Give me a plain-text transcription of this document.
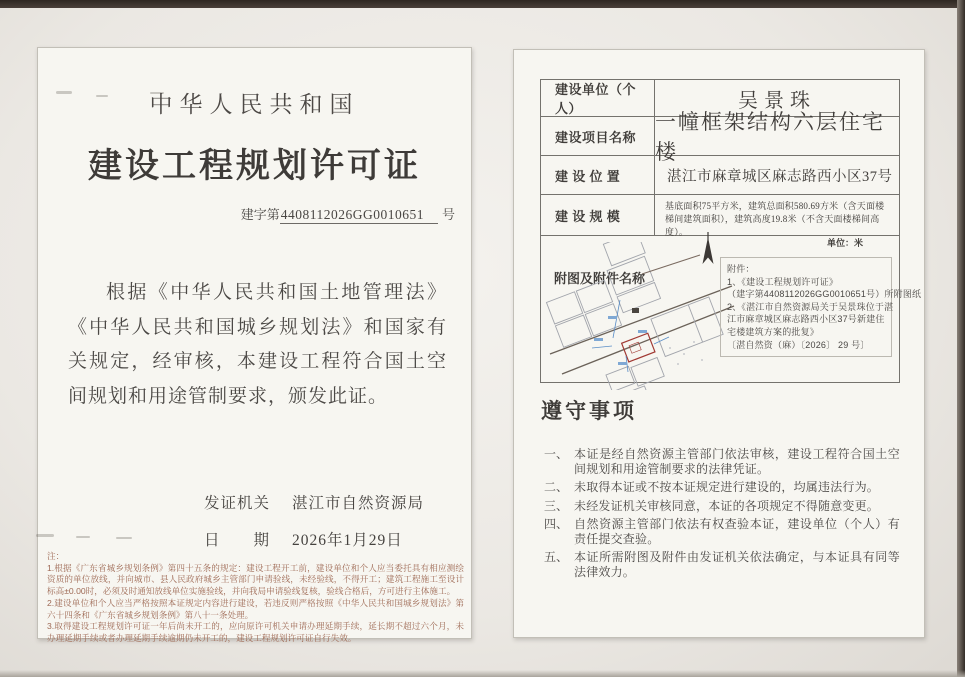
中华人民共和国
建设工程规划许可证
建字第4408112026GG0010651 号
根据《中华人民共和国土地管理法》《中华人民共和国城乡规划法》和国家有关规定，经审核，本建设工程符合国土空间规划和用途管制要求，颁发此证。
发证机关 湛江市自然资源局
日　　期 2026年1月29日
注：
1.根据《广东省城乡规划条例》第四十五条的规定：建设工程开工前，建设单位和个人应当委托具有相应测绘资质的单位放线，并向城市、县人民政府城乡主管部门申请验线，未经验线，不得开工；建筑工程施工至设计标高±0.00时，必须及时通知放线单位实施验线，并向我局申请验线复核，验线合格后，方可进行主体施工。
2.建设单位和个人应当严格按照本证规定内容进行建设，若违反则严格按照《中华人民共和国城乡规划法》第六十四条和《广东省城乡规划条例》第八十一条处理。
3.取得建设工程规划许可证一年后尚未开工的，应向原许可机关申请办理延期手续，延长期不超过六个月，未办理延期手续或者办理延期手续逾期仍未开工的，建设工程规划许可证自行失效。
建设单位（个人）	吴景珠
建设项目名称
一幢框架结构六层住宅楼
建 设 位 置	湛江市麻章城区麻志路西小区37号
建 设 规 模
基底面积75平方米，建筑总面积580.69方米（含天面楼梯间建筑面积），建筑高度19.8米（不含天面楼梯间高度）。
附图及附件名称
单位：米
附件：
1、《建设工程规划许可证》
（建字第4408112026GG0010651号）所附图纸
2、《湛江市自然资源局关于吴景珠位于湛
江市麻章城区麻志路西小区37号新建住
宅楼建筑方案的批复》
〔湛自然资（麻）〔2026〕 29 号〕
遵守事项
一、 本证是经自然资源主管部门依法审核，建设工程符合国土空间规划和用途管制要求的法律凭证。
二、 未取得本证或不按本证规定进行建设的，均属违法行为。
三、 未经发证机关审核同意，本证的各项规定不得随意变更。
四、 自然资源主管部门依法有权查验本证，建设单位（个人）有责任提交查验。
五、 本证所需附图及附件由发证机关依法确定，与本证具有同等法律效力。
